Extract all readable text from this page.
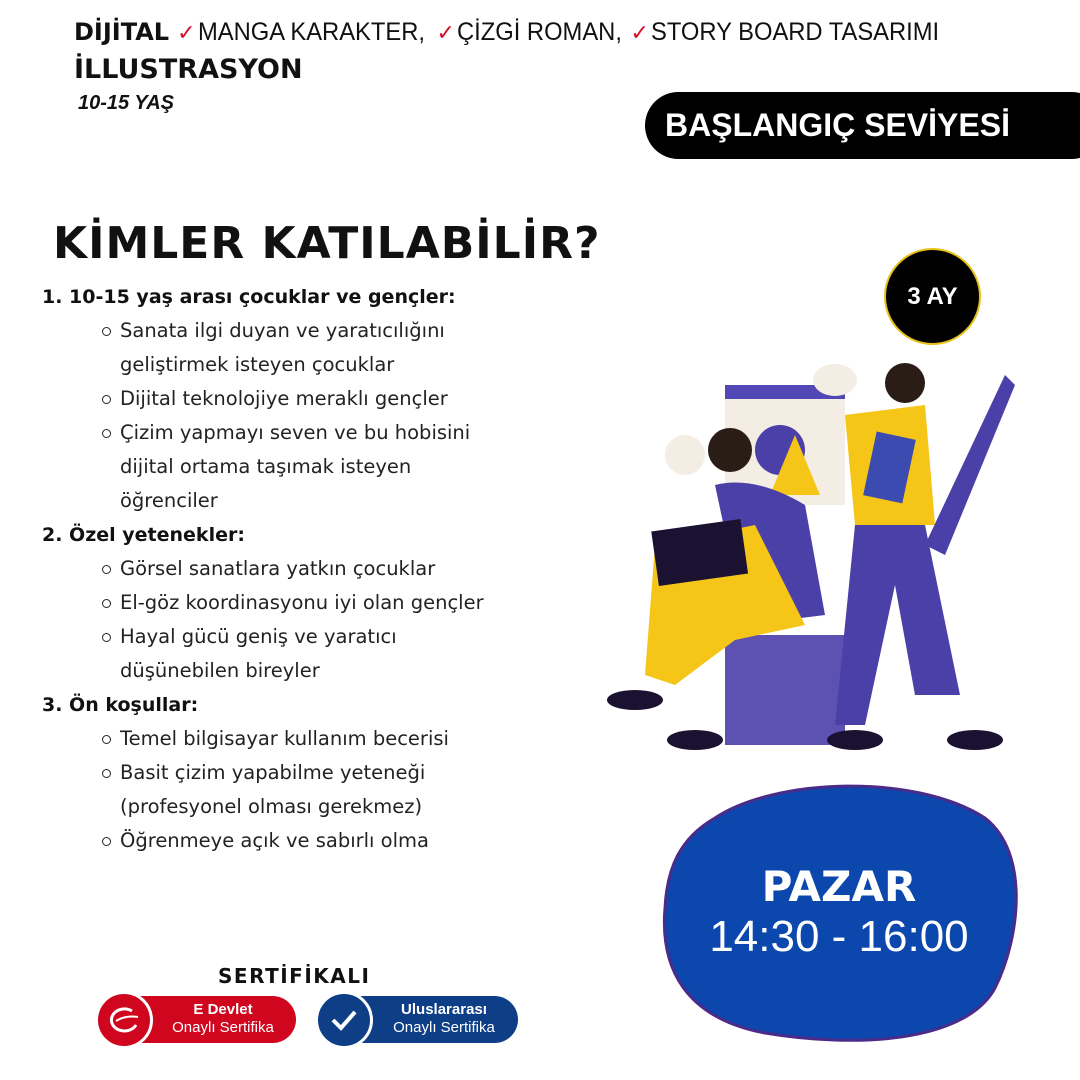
DİJİTAL ✓ MANGA KARAKTER, ✓ ÇİZGİ ROMAN, ✓ STORY BOARD TASARIMI
İLLUSTRASYON
10-15 YAŞ
BAŞLANGIÇ SEVİYESİ
KİMLER KATILABİLİR?
1. 10-15 yaş arası çocuklar ve gençler:
Sanata ilgi duyan ve yaratıcılığını
geliştirmek isteyen çocuklar
Dijital teknolojiye meraklı gençler
Çizim yapmayı seven ve bu hobisini
dijital ortama taşımak isteyen
öğrenciler
2. Özel yetenekler:
Görsel sanatlara yatkın çocuklar
El-göz koordinasyonu iyi olan gençler
Hayal gücü geniş ve yaratıcı
düşünebilen bireyler
3. Ön koşullar:
Temel bilgisayar kullanım becerisi
Basit çizim yapabilme yeteneği
(profesyonel olması gerekmez)
Öğrenmeye açık ve sabırlı olma
3 AY
PAZAR
14:30 - 16:00
SERTİFİKALI
E Devlet
Onaylı Sertifika
Uluslararası
Onaylı Sertifika
